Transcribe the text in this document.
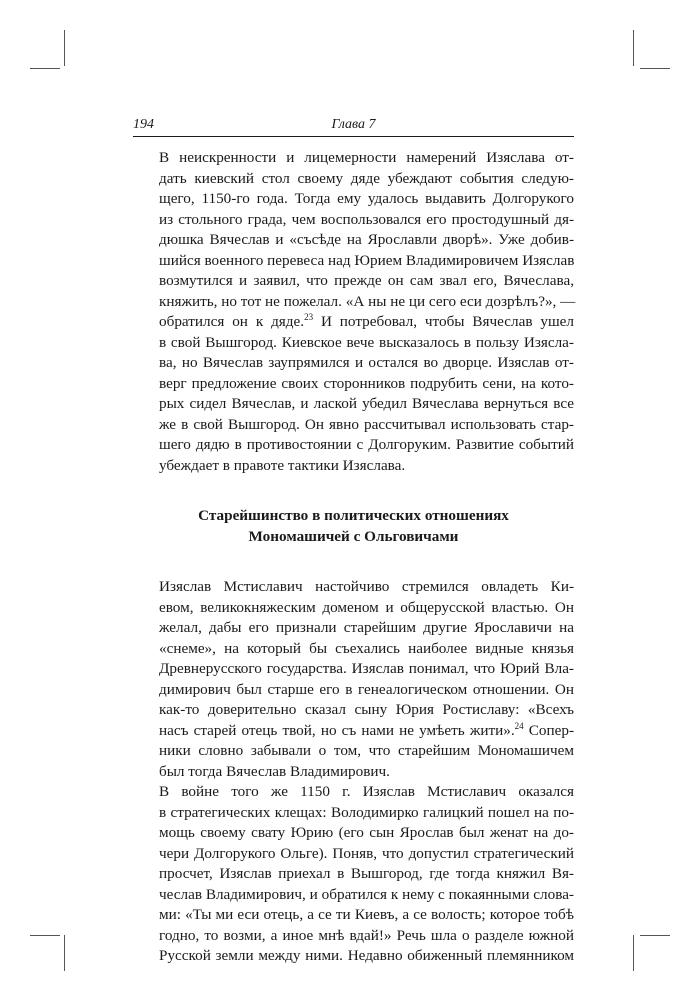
194	Глава 7
В неискренности и лицемерности намерений Изяслава от-
дать киевский стол своему дяде убеждают события следую-
щего, 1150-го года. Тогда ему удалось выдавить Долгорукого
из стольного града, чем воспользовался его простодушный дя-
дюшка Вячеслав и «съсѣде на Ярославли дворѣ». Уже добив-
шийся военного перевеса над Юрием Владимировичем Изяслав
возмутился и заявил, что прежде он сам звал его, Вячеслава,
княжить, но тот не пожелал. «А ны не ци сего еси дозрѣлъ?», —
обратился он к дяде.$^{23}$ И потребовал, чтобы Вячеслав ушел
в свой Вышгород. Киевское вече высказалось в пользу Изясла-
ва, но Вячеслав заупрямился и остался во дворце. Изяслав от-
верг предложение своих сторонников подрубить сени, на кото-
рых сидел Вячеслав, и лаской убедил Вячеслава вернуться все
же в свой Вышгород. Он явно рассчитывал использовать стар-
шего дядю в противостоянии с Долгоруким. Развитие событий
убеждает в правоте тактики Изяслава.
Старейшинство в политических отношениях
Мономашичей с Ольговичами
Изяслав Мстиславич настойчиво стремился овладеть Ки-
евом, великокняжеским доменом и общерусской властью. Он
желал, дабы его признали старейшим другие Ярославичи на
«снеме», на который бы съехались наиболее видные князья
Древнерусского государства. Изяслав понимал, что Юрий Вла-
димирович был старше его в генеалогическом отношении. Он
как-то доверительно сказал сыну Юрия Ростиславу: «Всехъ
насъ старей отець твой, но съ нами не умѣеть жити».$^{24}$ Сопер-
ники словно забывали о том, что старейшим Мономашичем
был тогда Вячеслав Владимирович.
В войне того же 1150 г. Изяслав Мстиславич оказался
в стратегических клещах: Володимирко галицкий пошел на по-
мощь своему свату Юрию (его сын Ярослав был женат на до-
чери Долгорукого Ольге). Поняв, что допустил стратегический
просчет, Изяслав приехал в Вышгород, где тогда княжил Вя-
чеслав Владимирович, и обратился к нему с покаянными слова-
ми: «Ты ми еси отець, а се ти Киевъ, а се волость; которое тобѣ
годно, то возми, а иное мнѣ вдай!» Речь шла о разделе южной
Русской земли между ними. Недавно обиженный племянником
